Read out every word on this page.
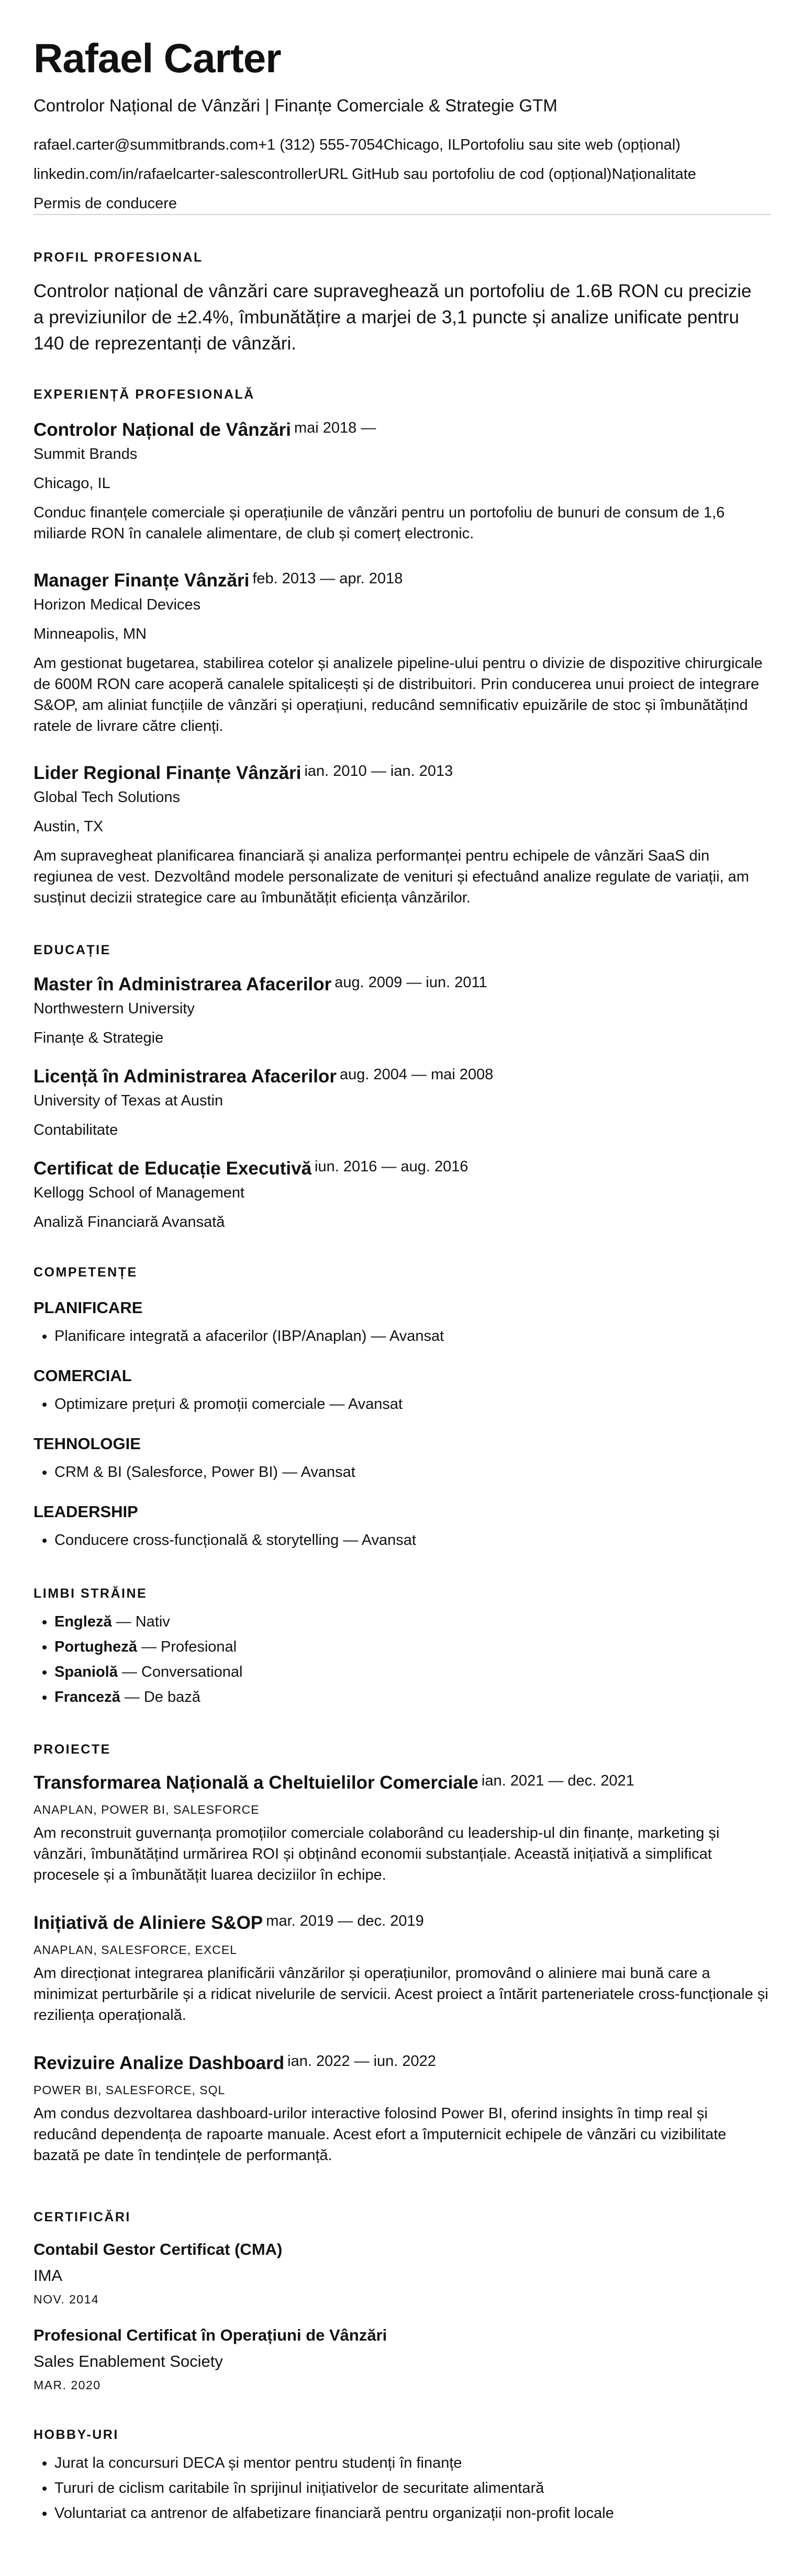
Rafael Carter

Controlor Național de Vânzări | Finanțe Comerciale & Strategie GTM

rafael.carter@summitbrands.com+1 (312) 555-7054Chicago, ILPortofoliu sau site web (opțional)
linkedin.com/in/rafaelcarter-salescontrollerURL GitHub sau portofoliu de cod (opțional)Naționalitate
Permis de conducere
PROFIL PROFESIONAL

Controlor național de vânzări care supraveghează un portofoliu de 1.6B RON cu precizie a previziunilor de ±2.4%, îmbunătățire a marjei de 3,1 puncte și analize unificate pentru 140 de reprezentanți de vânzări.

EXPERIENȚĂ PROFESIONALĂ
Controlor Național de Vânzări mai 2018 —

Summit Brands

Chicago, IL

Conduc finanțele comerciale și operațiunile de vânzări pentru un portofoliu de bunuri de consum de 1,6 miliarde RON în canalele alimentare, de club și comerț electronic.

Manager Finanțe Vânzări feb. 2013 — apr. 2018

Horizon Medical Devices

Minneapolis, MN

Am gestionat bugetarea, stabilirea cotelor și analizele pipeline-ului pentru o divizie de dispozitive chirurgicale de 600M RON care acoperă canalele spitalicești și de distribuitori. Prin conducerea unui proiect de integrare S&OP, am aliniat funcțiile de vânzări și operațiuni, reducând semnificativ epuizările de stoc și îmbunătățind ratele de livrare către clienți.

Lider Regional Finanțe Vânzări ian. 2010 — ian. 2013

Global Tech Solutions

Austin, TX

Am supravegheat planificarea financiară și analiza performanței pentru echipele de vânzări SaaS din regiunea de vest. Dezvoltând modele personalizate de venituri și efectuând analize regulate de variații, am susținut decizii strategice care au îmbunătățit eficiența vânzărilor.

EDUCAȚIE
Master în Administrarea Afacerilor aug. 2009 — iun. 2011

Northwestern University

Finanțe & Strategie

Licență în Administrarea Afacerilor aug. 2004 — mai 2008

University of Texas at Austin

Contabilitate

Certificat de Educație Executivă iun. 2016 — aug. 2016

Kellogg School of Management

Analiză Financiară Avansată

COMPETENȚE
PLANIFICARE
• Planificare integrată a afacerilor (IBP/Anaplan) — Avansat
COMERCIAL
• Optimizare prețuri & promoții comerciale — Avansat
TEHNOLOGIE
• CRM & BI (Salesforce, Power BI) — Avansat
LEADERSHIP
• Conducere cross-funcțională & storytelling — Avansat
LIMBI STRĂINE
• Engleză — Nativ
• Portugheză — Profesional
• Spaniolă — Conversational
• Franceză — De bază
PROIECTE
Transformarea Națională a Cheltuielilor Comerciale ian. 2021 — dec. 2021

ANAPLAN, POWER BI, SALESFORCE

Am reconstruit guvernanța promoțiilor comerciale colaborând cu leadership-ul din finanțe, marketing și vânzări, îmbunătățind urmărirea ROI și obținând economii substanțiale. Această inițiativă a simplificat procesele și a îmbunătățit luarea deciziilor în echipe.

Inițiativă de Aliniere S&OP mar. 2019 — dec. 2019

ANAPLAN, SALESFORCE, EXCEL

Am direcționat integrarea planificării vânzărilor și operațiunilor, promovând o aliniere mai bună care a minimizat perturbările și a ridicat nivelurile de servicii. Acest proiect a întărit parteneriatele cross-funcționale și reziliența operațională.

Revizuire Analize Dashboard ian. 2022 — iun. 2022

POWER BI, SALESFORCE, SQL

Am condus dezvoltarea dashboard-urilor interactive folosind Power BI, oferind insights în timp real și reducând dependența de rapoarte manuale. Acest efort a împuternicit echipele de vânzări cu vizibilitate bazată pe date în tendințele de performanță.

CERTIFICĂRI
Contabil Gestor Certificat (CMA)
IMA
NOV. 2014
Profesional Certificat în Operațiuni de Vânzări
Sales Enablement Society
MAR. 2020
HOBBY-URI
• Jurat la concursuri DECA și mentor pentru studenți în finanțe
• Tururi de ciclism caritabile în sprijinul inițiativelor de securitate alimentară
• Voluntariat ca antrenor de alfabetizare financiară pentru organizații non-profit locale
